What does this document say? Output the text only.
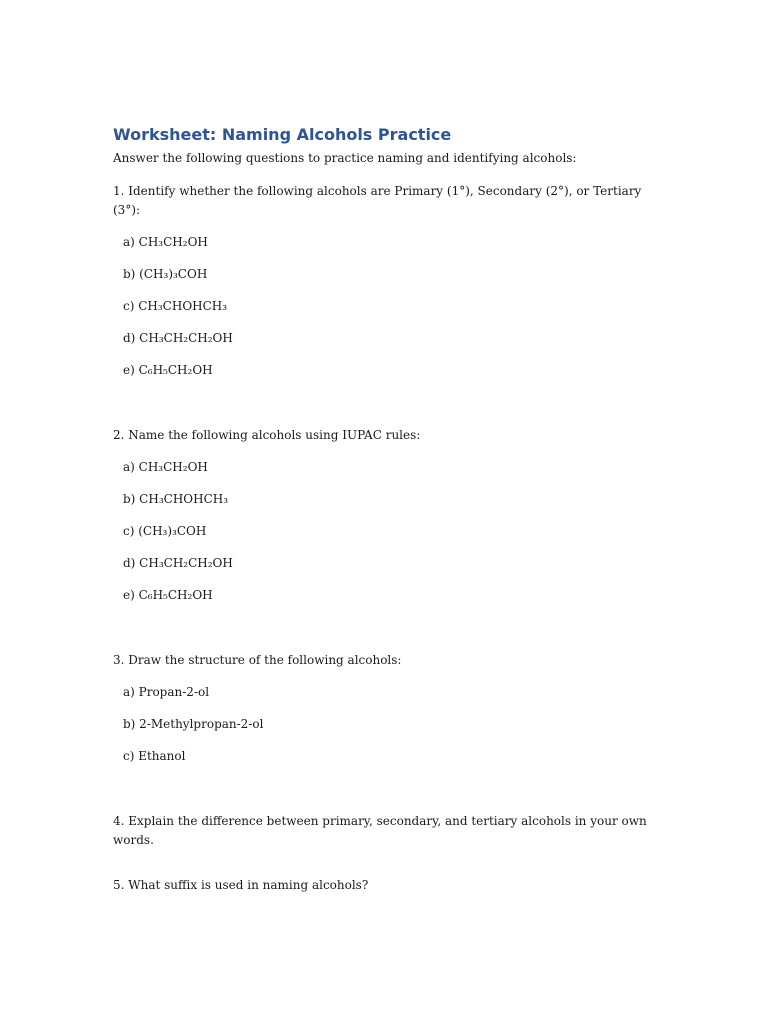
Worksheet: Naming Alcohols Practice
Answer the following questions to practice naming and identifying alcohols:
1. Identify whether the following alcohols are Primary (1°), Secondary (2°), or Tertiary (3°):
a) CH₃CH₂OH
b) (CH₃)₃COH
c) CH₃CHOHCH₃
d) CH₃CH₂CH₂OH
e) C₆H₅CH₂OH
2. Name the following alcohols using IUPAC rules:
a) CH₃CH₂OH
b) CH₃CHOHCH₃
c) (CH₃)₃COH
d) CH₃CH₂CH₂OH
e) C₆H₅CH₂OH
3. Draw the structure of the following alcohols:
a) Propan-2-ol
b) 2-Methylpropan-2-ol
c) Ethanol
4. Explain the difference between primary, secondary, and tertiary alcohols in your own words.
5. What suffix is used in naming alcohols?
